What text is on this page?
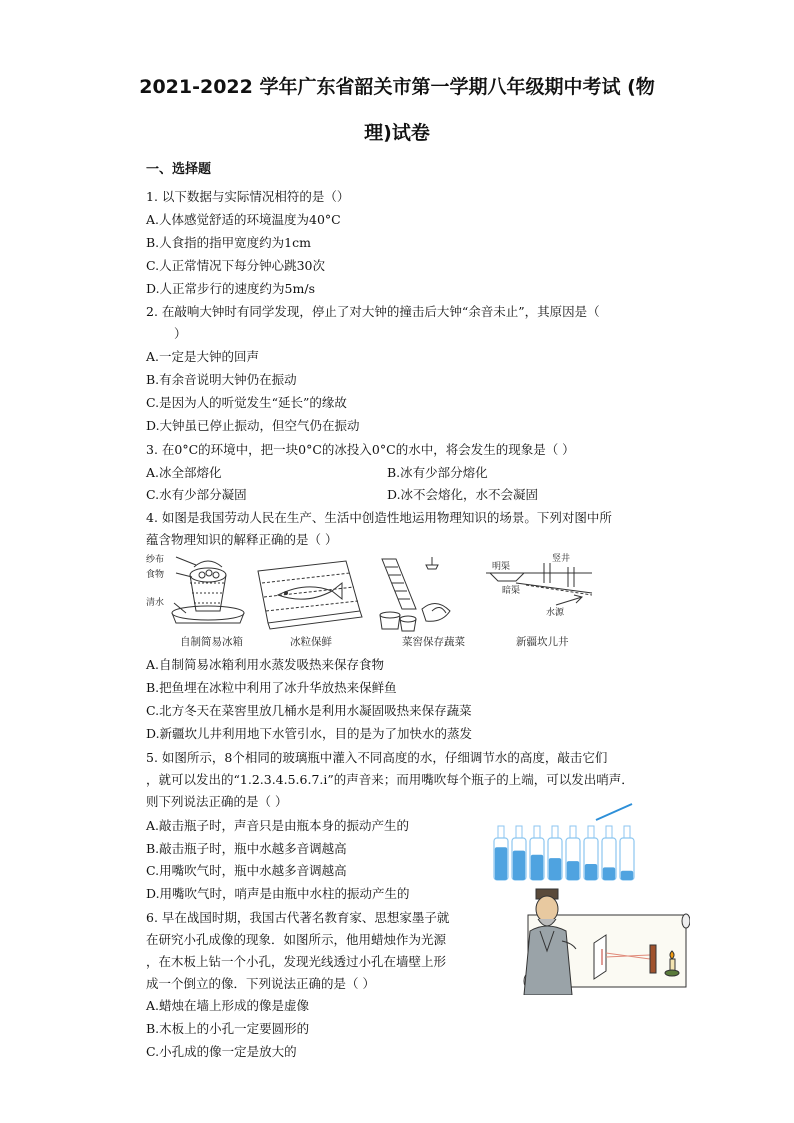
2021-2022 学年广东省韶关市第一学期八年级期中考试 (物
理)试卷
一、选择题
1. 以下数据与实际情况相符的是（）
A.人体感觉舒适的环境温度为40°C
B.人食指的指甲宽度约为1cm
C.人正常情况下每分钟心跳30次
D.人正常步行的速度约为5m/s
2. 在敲响大钟时有同学发现，停止了对大钟的撞击后大钟“余音未止”，其原因是（
）
A.一定是大钟的回声
B.有余音说明大钟仍在振动
C.是因为人的听觉发生“延长”的缘故
D.大钟虽已停止振动，但空气仍在振动
3. 在0°C的环境中，把一块0°C的冰投入0°C的水中，将会发生的现象是（ ）
A.冰全部熔化	B.冰有少部分熔化
C.水有少部分凝固	D.冰不会熔化，水不会凝固
4. 如图是我国劳动人民在生产、生活中创造性地运用物理知识的场景。下列对图中所
蕴含物理知识的解释正确的是（ ）
纱布
食物
清水
明渠
竖井
暗渠
水源
自制简易冰箱	冰粒保鲜	菜窖保存蔬菜	新疆坎儿井
A.自制简易冰箱利用水蒸发吸热来保存食物
B.把鱼埋在冰粒中利用了冰升华放热来保鲜鱼
C.北方冬天在菜窖里放几桶水是利用水凝固吸热来保存蔬菜
D.新疆坎儿井利用地下水管引水，目的是为了加快水的蒸发
5. 如图所示，8个相同的玻璃瓶中灌入不同高度的水，仔细调节水的高度，敲击它们
，就可以发出的“1.2.3.4.5.6.7.i”的声音来；而用嘴吹每个瓶子的上端，可以发出哨声．
则下列说法正确的是（ ）
A.敲击瓶子时，声音只是由瓶本身的振动产生的
B.敲击瓶子时，瓶中水越多音调越高
C.用嘴吹气时，瓶中水越多音调越高
D.用嘴吹气时，哨声是由瓶中水柱的振动产生的
6. 早在战国时期，我国古代著名教育家、思想家墨子就
在研究小孔成像的现象．如图所示，他用蜡烛作为光源
，在木板上钻一个小孔，发现光线透过小孔在墙壁上形
成一个倒立的像．下列说法正确的是（ ）
A.蜡烛在墙上形成的像是虚像
B.木板上的小孔一定要圆形的
C.小孔成的像一定是放大的
